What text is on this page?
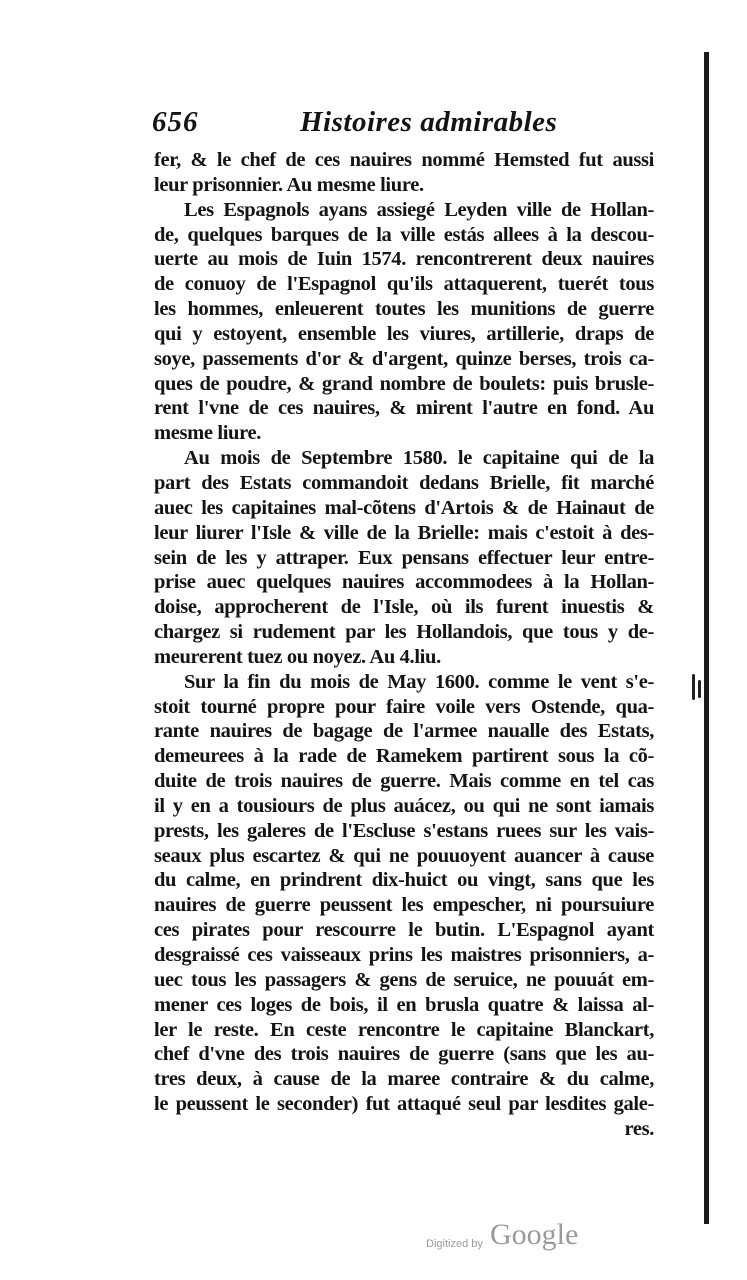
656	Histoires admirables
fer, & le chef de ces nauires nommé Hemsted fut aussi
leur prisonnier. Au mesme liure.
Les Espagnols ayans assiegé Leyden ville de Hollan-
de, quelques barques de la ville estás allees à la descou-
uerte au mois de Iuin 1574. rencontrerent deux nauires
de conuoy de l'Espagnol qu'ils attaquerent, tuerét tous
les hommes, enleuerent toutes les munitions de guerre
qui y estoyent, ensemble les viures, artillerie, draps de
soye, passements d'or & d'argent, quinze berses, trois ca-
ques de poudre, & grand nombre de boulets: puis brusle-
rent l'vne de ces nauires, & mirent l'autre en fond. Au
mesme liure.
Au mois de Septembre 1580. le capitaine qui de la
part des Estats commandoit dedans Brielle, fit marché
auec les capitaines mal-cõtens d'Artois & de Hainaut de
leur liurer l'Isle & ville de la Brielle: mais c'estoit à des-
sein de les y attraper. Eux pensans effectuer leur entre-
prise auec quelques nauires accommodees à la Hollan-
doise, approcherent de l'Isle, où ils furent inuestis &
chargez si rudement par les Hollandois, que tous y de-
meurerent tuez ou noyez. Au 4.liu.
Sur la fin du mois de May 1600. comme le vent s'e-
stoit tourné propre pour faire voile vers Ostende, qua-
rante nauires de bagage de l'armee naualle des Estats,
demeurees à la rade de Ramekem partirent sous la cõ-
duite de trois nauires de guerre. Mais comme en tel cas
il y en a tousiours de plus auácez, ou qui ne sont iamais
prests, les galeres de l'Escluse s'estans ruees sur les vais-
seaux plus escartez & qui ne pouuoyent auancer à cause
du calme, en prindrent dix-huict ou vingt, sans que les
nauires de guerre peussent les empescher, ni poursuiure
ces pirates pour rescourre le butin. L'Espagnol ayant
desgraissé ces vaisseaux prins les maistres prisonniers, a-
uec tous les passagers & gens de seruice, ne pouuát em-
mener ces loges de bois, il en brusla quatre & laissa al-
ler le reste. En ceste rencontre le capitaine Blanckart,
chef d'vne des trois nauires de guerre (sans que les au-
tres deux, à cause de la maree contraire & du calme,
le peussent le seconder) fut attaqué seul par lesdites gale-
res.
Digitized by Google
